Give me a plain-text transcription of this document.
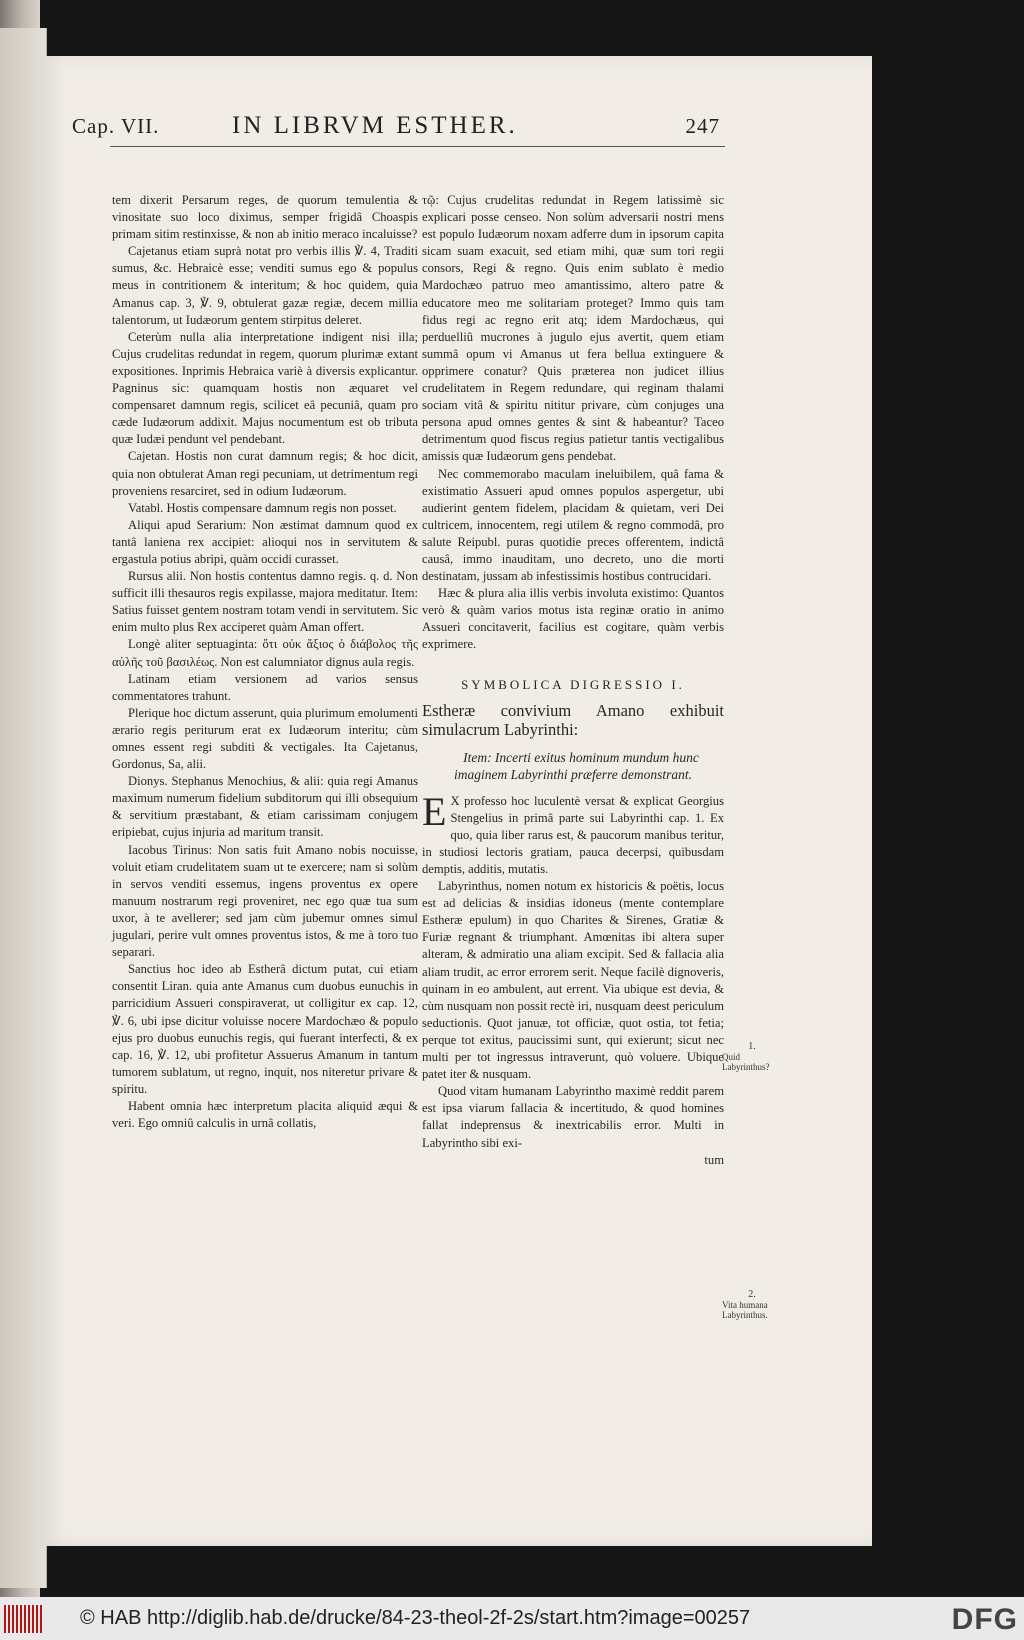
Cap. VII.	IN LIBRVM ESTHER.	247

tem dixerit Persarum reges, de quorum temulentia & vinositate suo loco diximus, semper frigidâ Choaspis primam sitim restinxisse, & non ab initio meraco incaluisse?

Cajetanus etiam suprà notat pro verbis illis ℣. 4, Traditi sumus, &c. Hebraicè esse; venditi sumus ego & populus meus in contritionem & interitum; & hoc quidem, quia Amanus cap. 3, ℣. 9, obtulerat gazæ regiæ, decem millia talentorum, ut Iudæorum gentem stirpitus deleret.

Ceterùm nulla alia interpretatione indigent nisi illa; Cujus crudelitas redundat in regem, quorum plurimæ extant expositiones. Inprimis Hebraica variè à diversis explicantur. Pagninus sic: quamquam hostis non æquaret vel compensaret damnum regis, scilicet eâ pecuniâ, quam pro cæde Iudæorum addixit. Majus nocumentum est ob tributa quæ Iudæi pendunt vel pendebant.

Cajetan. Hostis non curat damnum regis; & hoc dicit, quia non obtulerat Aman regi pecuniam, ut detrimentum regi proveniens resarciret, sed in odium Iudæorum.

Vatabl. Hostis compensare damnum regis non posset.

Aliqui apud Serarium: Non æstimat damnum quod ex tantâ laniena rex accipiet: alioqui nos in servitutem & ergastula potius abripi, quàm occidi curasset.

Rursus alii. Non hostis contentus damno regis. q. d. Non sufficit illi thesauros regis expilasse, majora meditatur. Item: Satius fuisset gentem nostram totam vendi in servitutem. Sic enim multo plus Rex acciperet quàm Aman offert.

Longè aliter septuaginta: ὅτι οὐκ ἄξιος ὁ διάβολος τῆς αὐλῆς τοῦ βασιλέως. Non est calumniator dignus aula regis.

Latinam etiam versionem ad varios sensus commentatores trahunt.

Plerique hoc dictum asserunt, quia plurimum emolumenti ærario regis periturum erat ex Iudæorum interitu; cùm omnes essent regi subditi & vectigales. Ita Cajetanus, Gordonus, Sa, alii.

Dionys. Stephanus Menochius, & alii: quia regi Amanus maximum numerum fidelium subditorum qui illi obsequium & servitium præstabant, & etiam carissimam conjugem eripiebat, cujus injuria ad maritum transit.

Iacobus Tirinus: Non satis fuit Amano nobis nocuisse, voluit etiam crudelitatem suam ut te exercere; nam si solùm in servos venditi essemus, ingens proventus ex opere manuum nostrarum regi proveniret, nec ego quæ tua sum uxor, à te avellerer; sed jam cùm jubemur omnes simul jugulari, perire vult omnes proventus istos, & me à toro tuo separari.

Sanctius hoc ideo ab Estherâ dictum putat, cui etiam consentit Liran. quia ante Amanus cum duobus eunuchis in parricidium Assueri conspiraverat, ut colligitur ex cap. 12, ℣. 6, ubi ipse dicitur voluisse nocere Mardochæo & populo ejus pro duobus eunuchis regis, qui fuerant interfecti, & ex cap. 16, ℣. 12, ubi profitetur Assuerus Amanum in tantum tumorem sublatum, ut regno, inquit, nos niteretur privare & spiritu.

Habent omnia hæc interpretum placita aliquid æqui & veri. Ego omniû calculis in urnâ collatis,

τῷ: Cujus crudelitas redundat in Regem latissimè sic explicari posse censeo. Non solùm adversarii nostri mens est populo Iudæorum noxam adferre dum in ipsorum capita sicam suam exacuit, sed etiam mihi, quæ sum tori regii consors, Regi & regno. Quis enim sublato è medio Mardochæo patruo meo amantissimo, altero patre & educatore meo me solitariam proteget? Immo quis tam fidus regi ac regno erit atq; idem Mardochæus, qui perduelliû mucrones à jugulo ejus avertit, quem etiam summâ opum vi Amanus ut fera bellua extinguere & opprimere conatur? Quis præterea non judicet illius crudelitatem in Regem redundare, qui reginam thalami sociam vitâ & spiritu nititur privare, cùm conjuges una persona apud omnes gentes & sint & habeantur? Taceo detrimentum quod fiscus regius patietur tantis vectigalibus amissis quæ Iudæorum gens pendebat.

Nec commemorabo maculam ineluibilem, quâ fama & existimatio Assueri apud omnes populos aspergetur, ubi audierint gentem fidelem, placidam & quietam, veri Dei cultricem, innocentem, regi utilem & regno commodâ, pro salute Reipubl. puras quotidie preces offerentem, indictâ causâ, immo inauditam, uno decreto, uno die morti destinatam, jussam ab infestissimis hostibus contrucidari.

Hæc & plura alia illis verbis involuta existimo: Quantos verò & quàm varios motus ista reginæ oratio in animo Assueri concitaverit, facilius est cogitare, quàm verbis exprimere.

SYMBOLICA DIGRESSIO I.

Estheræ convivium Amano exhibuit simulacrum Labyrinthi:

Item: Incerti exitus hominum mundum hunc imaginem Labyrinthi præferre demonstrant.

E X professo hoc luculentè versat & explicat Georgius Stengelius in primâ parte sui Labyrinthi cap. 1. Ex quo, quia liber rarus est, & paucorum manibus teritur, in studiosi lectoris gratiam, pauca decerpsi, quibusdam demptis, additis, mutatis.

Labyrinthus, nomen notum ex historicis & poëtis, locus est ad delicias & insidias idoneus (mente contemplare Estheræ epulum) in quo Charites & Sirenes, Gratiæ & Furiæ regnant & triumphant. Amœnitas ibi altera super alteram, & admiratio una aliam excipit. Sed & fallacia alia aliam trudit, ac error errorem serit. Neque facilè dignoveris, quinam in eo ambulent, aut errent. Via ubique est devia, & cùm nusquam non possit rectè iri, nusquam deest periculum seductionis. Quot januæ, tot officiæ, quot ostia, tot fetia; perque tot exitus, paucissimi sunt, qui exierunt; sicut nec multi per tot ingressus intraverunt, quò voluere. Ubique patet iter & nusquam.

Quod vitam humanam Labyrintho maximè reddit parem est ipsa viarum fallacia & incertitudo, & quod homines fallat indeprensus & inextricabilis error. Multi in Labyrintho sibi exi-

tum
1.
Quid Labyrinthus?
2.
Vita humana Labyrinthus.
© HAB http://diglib.hab.de/drucke/84-23-theol-2f-2s/start.htm?image=00257	DFG
